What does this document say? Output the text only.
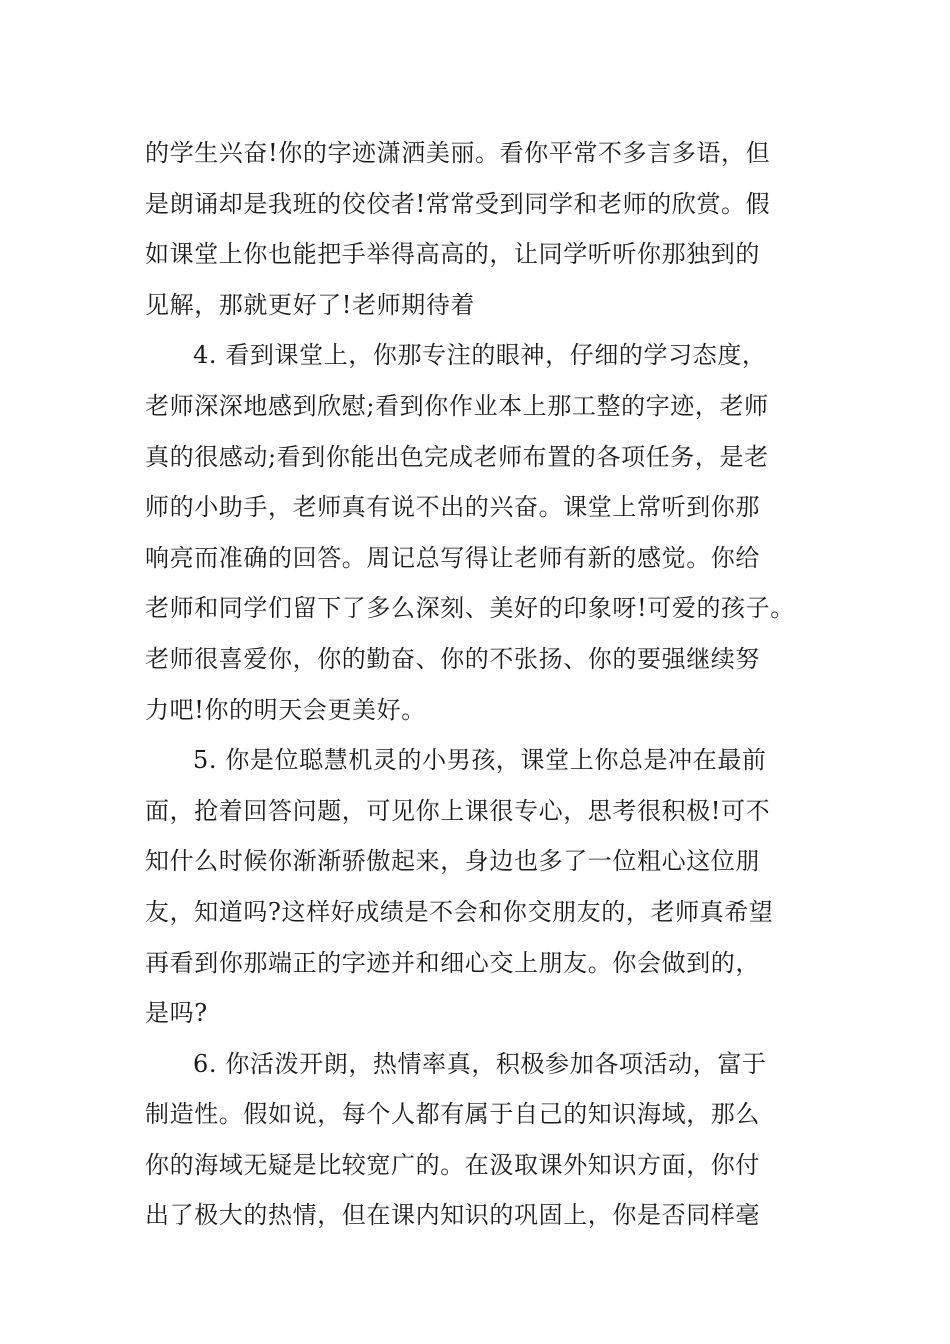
的学生兴奋!你的字迹潇洒美丽。看你平常不多言多语，但
是朗诵却是我班的佼佼者!常常受到同学和老师的欣赏。假
如课堂上你也能把手举得高高的，让同学听听你那独到的
见解，那就更好了!老师期待着
4. 看到课堂上，你那专注的眼神，仔细的学习态度，
老师深深地感到欣慰;看到你作业本上那工整的字迹，老师
真的很感动;看到你能出色完成老师布置的各项任务，是老
师的小助手，老师真有说不出的兴奋。课堂上常听到你那
响亮而准确的回答。周记总写得让老师有新的感觉。你给
老师和同学们留下了多么深刻、美好的印象呀!可爱的孩子。
老师很喜爱你，你的勤奋、你的不张扬、你的要强继续努
力吧!你的明天会更美好。
5. 你是位聪慧机灵的小男孩，课堂上你总是冲在最前
面，抢着回答问题，可见你上课很专心，思考很积极!可不
知什么时候你渐渐骄傲起来，身边也多了一位粗心这位朋
友，知道吗?这样好成绩是不会和你交朋友的，老师真希望
再看到你那端正的字迹并和细心交上朋友。你会做到的，
是吗?
6. 你活泼开朗，热情率真，积极参加各项活动，富于
制造性。假如说，每个人都有属于自己的知识海域，那么
你的海域无疑是比较宽广的。在汲取课外知识方面，你付
出了极大的热情，但在课内知识的巩固上，你是否同样毫
